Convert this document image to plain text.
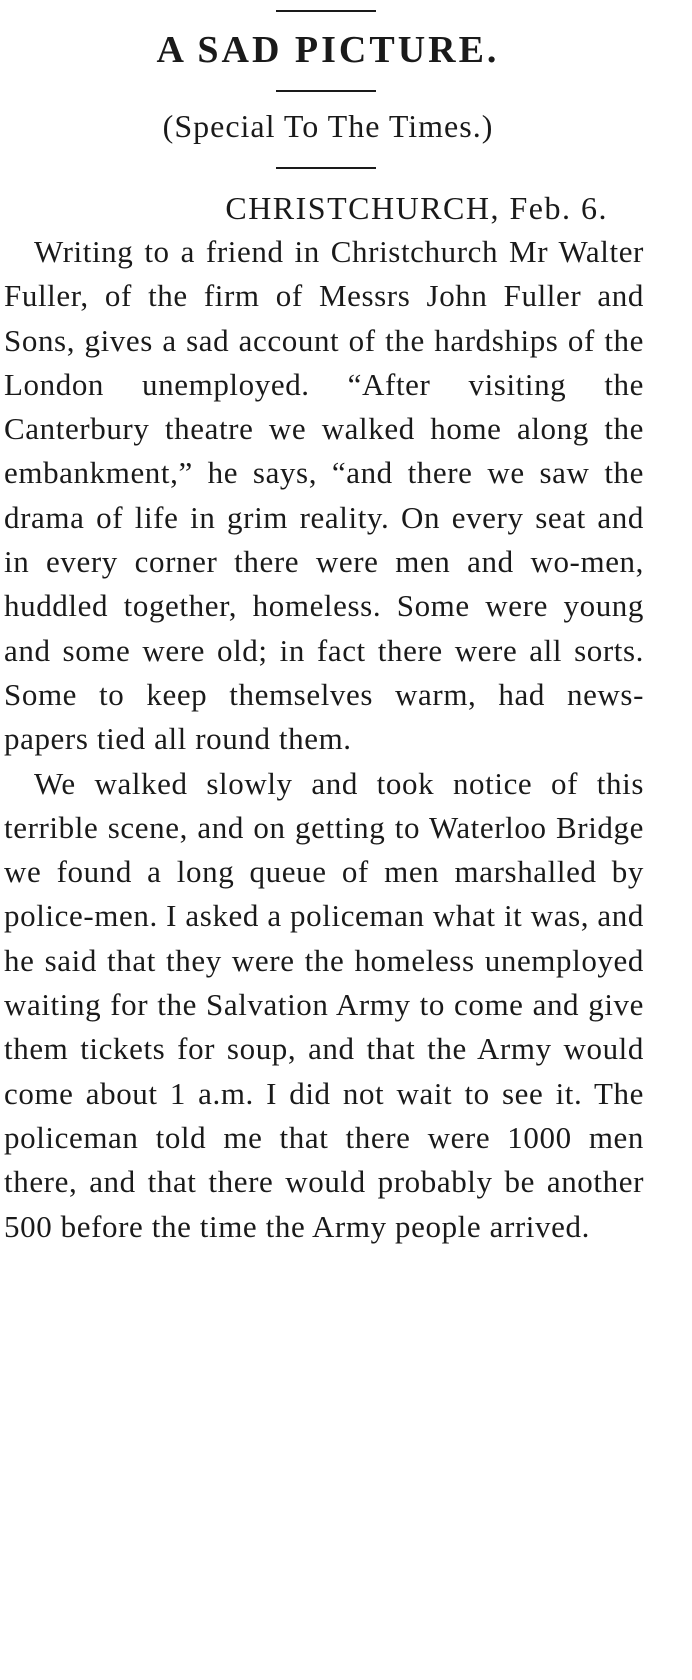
A SAD PICTURE.

(Special To The Times.)

CHRISTCHURCH, Feb. 6.

Writing to a friend in Christchurch Mr Walter Fuller, of the firm of Messrs John Fuller and Sons, gives a sad account of the hardships of the London unemployed. “After visiting the Canterbury theatre we walked home along the embankment,” he says, “and there we saw the drama of life in grim reality. On every seat and in every corner there were men and wo-men, huddled together, homeless. Some were young and some were old; in fact there were all sorts. Some to keep themselves warm, had news-papers tied all round them.

We walked slowly and took notice of this terrible scene, and on getting to Waterloo Bridge we found a long queue of men marshalled by police-men. I asked a policeman what it was, and he said that they were the homeless unemployed waiting for the Salvation Army to come and give them tickets for soup, and that the Army would come about 1 a.m. I did not wait to see it. The policeman told me that there were 1000 men there, and that there would probably be another 500 before the time the Army people arrived.
